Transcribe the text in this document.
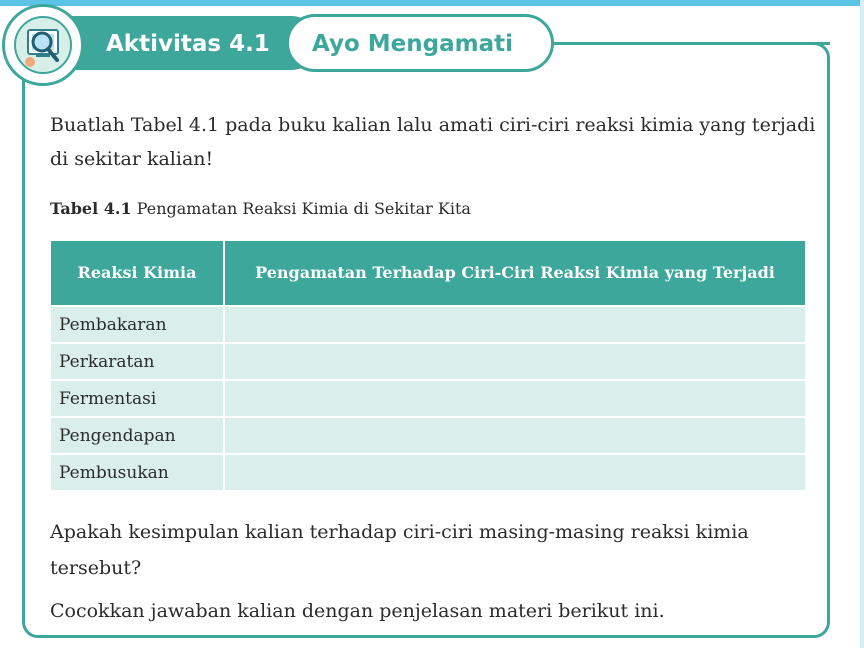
Aktivitas 4.1 Ayo Mengamati

Buatlah Tabel 4.1 pada buku kalian lalu amati ciri-ciri reaksi kimia yang terjadi di sekitar kalian!

Tabel 4.1 Pengamatan Reaksi Kimia di Sekitar Kita
Reaksi Kimia	Pengamatan Terhadap Ciri-Ciri Reaksi Kimia yang Terjadi
Pembakaran	
Perkaratan	
Fermentasi	
Pengendapan	
Pembusukan	

Apakah kesimpulan kalian terhadap ciri-ciri masing-masing reaksi kimia tersebut?

Cocokkan jawaban kalian dengan penjelasan materi berikut ini.
